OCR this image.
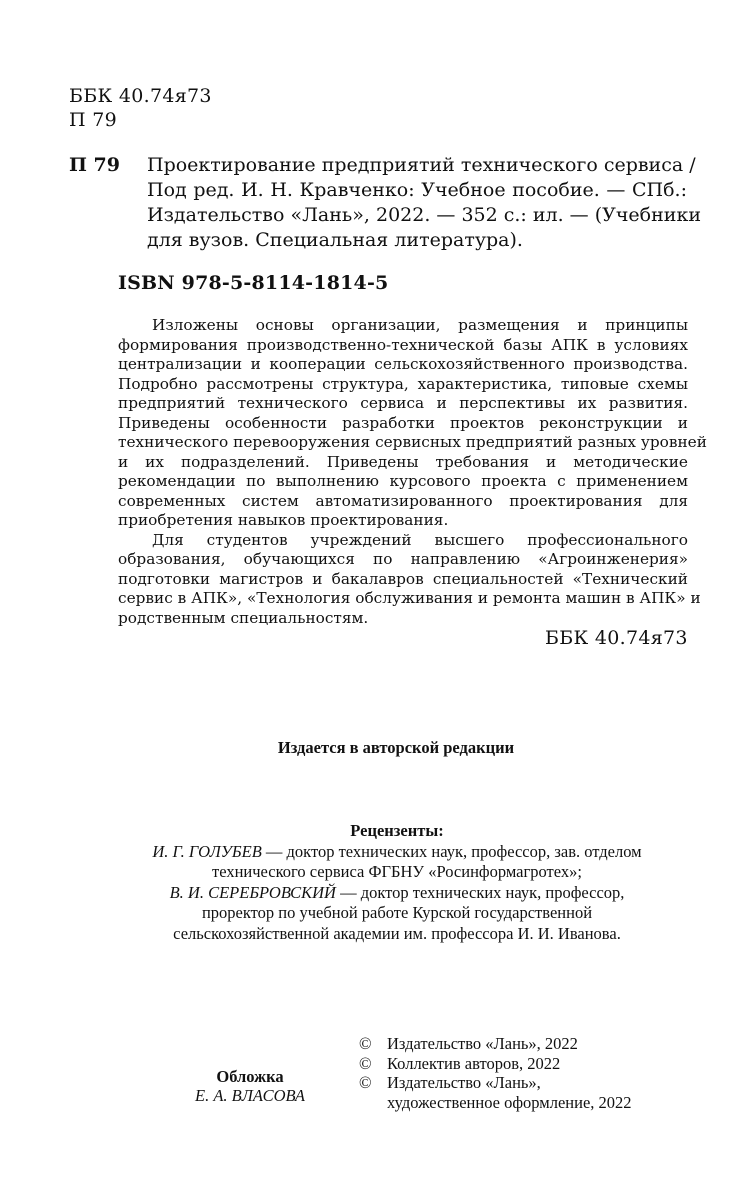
ББК 40.74я73
П 79
П 79 Проектирование предприятий технического сервиса /
Под ред. И. Н. Кравченко: Учебное пособие. — СПб.:
Издательство «Лань», 2022. — 352 с.: ил. — (Учебники
для вузов. Специальная литература).
ISBN 978-5-8114-1814-5
Изложены основы организации, размещения и принципы
формирования производственно-технической базы АПК в условиях
централизации и кооперации сельскохозяйственного производства.
Подробно рассмотрены структура, характеристика, типовые схемы
предприятий технического сервиса и перспективы их развития.
Приведены особенности разработки проектов реконструкции и
технического перевооружения сервисных предприятий разных уровней
и их подразделений. Приведены требования и методические
рекомендации по выполнению курсового проекта с применением
современных систем автоматизированного проектирования для
приобретения навыков проектирования.
Для студентов учреждений высшего профессионального
образования, обучающихся по направлению «Агроинженерия»
подготовки магистров и бакалавров специальностей «Технический
сервис в АПК», «Технология обслуживания и ремонта машин в АПК» и
родственным специальностям.
ББК 40.74я73
Издается в авторской редакции
Рецензенты:
И. Г. ГОЛУБЕВ — доктор технических наук, профессор, зав. отделом
технического сервиса ФГБНУ «Росинформагротех»;
В. И. СЕРЕБРОВСКИЙ — доктор технических наук, профессор,
проректор по учебной работе Курской государственной
сельскохозяйственной академии им. профессора И. И. Иванова.
Обложка
Е. А. ВЛАСОВА
© Издательство «Лань», 2022
© Коллектив авторов, 2022
© Издательство «Лань»,
художественное оформление, 2022
